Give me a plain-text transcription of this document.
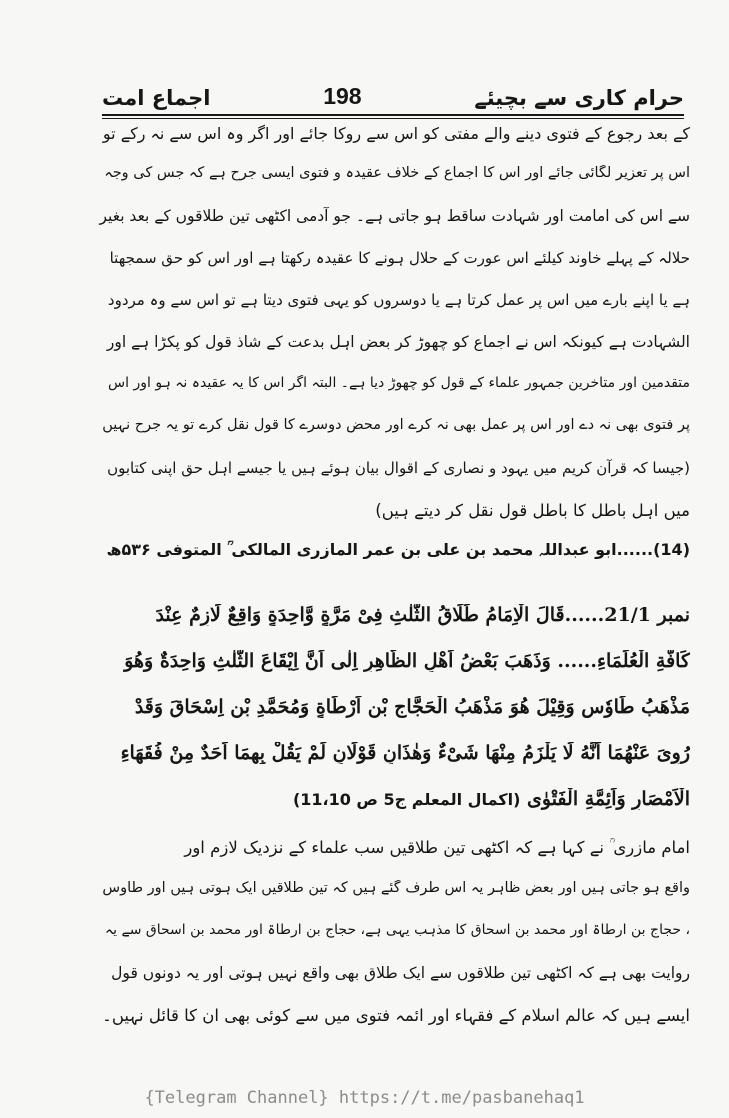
حرام کاری سے بچیئے
198
اجماع امت
کے بعد رجوع کے فتوی دینے والے مفتی کو اس سے روکا جائے اور اگر وہ اس سے نہ رکے تو
اس پر تعزیر لگائی جائے اور اس کا اجماع کے خلاف عقیدہ و فتوی ایسی جرح ہے کہ جس کی وجہ
سے اس کی امامت اور شہادت ساقط ہو جاتی ہے۔ جو آدمی اکٹھی تین طلاقوں کے بعد بغیر
حلالہ کے پہلے خاوند کیلئے اس عورت کے حلال ہونے کا عقیدہ رکھتا ہے اور اس کو حق سمجھتا
ہے یا اپنے بارے میں اس پر عمل کرتا ہے یا دوسروں کو یہی فتوی دیتا ہے تو اس سے وہ مردود
الشہادت ہے کیونکہ اس نے اجماع کو چھوڑ کر بعض اہل بدعت کے شاذ قول کو پکڑا ہے اور
متقدمین اور متاخرین جمہور علماء کے قول کو چھوڑ دیا ہے۔ البتہ اگر اس کا یہ عقیدہ نہ ہو اور اس
پر فتوی بھی نہ دے اور اس پر عمل بھی نہ کرے اور محض دوسرے کا قول نقل کرے تو یہ جرح نہیں
(جیسا کہ قرآن کریم میں یہود و نصاری کے اقوال بیان ہوئے ہیں یا جیسے اہل حق اپنی کتابوں
میں اہل باطل کا باطل قول نقل کر دیتے ہیں)
(14)......ابو عبداللہ محمد بن علی بن عمر المازری المالکی ؒ المتوفی ۵۳۶ھ
نمبر 21/1......قَالَ الْاِمَامُ طَلَاقُ الثَّلٰثِ فِیْ مَرَّةٍ وَّاحِدَةٍ وَاقِعٌ لَازِمٌ عِنْدَ
کَافَّةِ الْعُلَمَاءِ...... وَذَهَبَ بَعْضُ اَهْلِ الظَّاهِرِ اِلٰی اَنَّ اِیْقَاعَ الثَّلٰثِ وَاحِدَةٌ وَهُوَ
مَذْهَبُ طَاوٗسٍ وَقِیْلَ هُوَ مَذْهَبُ الْحَجَّاجِ بْنِ اَرْطَاةٍ وَمُحَمَّدِ بْنِ اِسْحَاقَ وَقَدْ
رُوِیَ عَنْهُمَا اَنَّهُ لَا یَلْزَمُ مِنْهَا شَیْءٌ وَهٰذَانِ قَوْلَانِ لَمْ یَقُلْ بِهِمَا اَحَدٌ مِنْ فُقَهَاءِ
الْاَمْصَارِ وَاَئِمَّةِ الْفَتْوٰی (اکمال المعلم ج5 ص 11،10)
امام مازری ؒ نے کہا ہے کہ اکٹھی تین طلاقیں سب علماء کے نزدیک لازم اور
واقع ہو جاتی ہیں اور بعض ظاہر یہ اس طرف گئے ہیں کہ تین طلاقیں ایک ہوتی ہیں اور طاوس
، حجاج بن ارطاۃ اور محمد بن اسحاق کا مذہب یہی ہے، حجاج بن ارطاۃ اور محمد بن اسحاق سے یہ
روایت بھی ہے کہ اکٹھی تین طلاقوں سے ایک طلاق بھی واقع نہیں ہوتی اور یہ دونوں قول
ایسے ہیں کہ عالم اسلام کے فقہاء اور ائمہ فتوی میں سے کوئی بھی ان کا قائل نہیں۔
{Telegram Channel} https://t.me/pasbanehaq1
